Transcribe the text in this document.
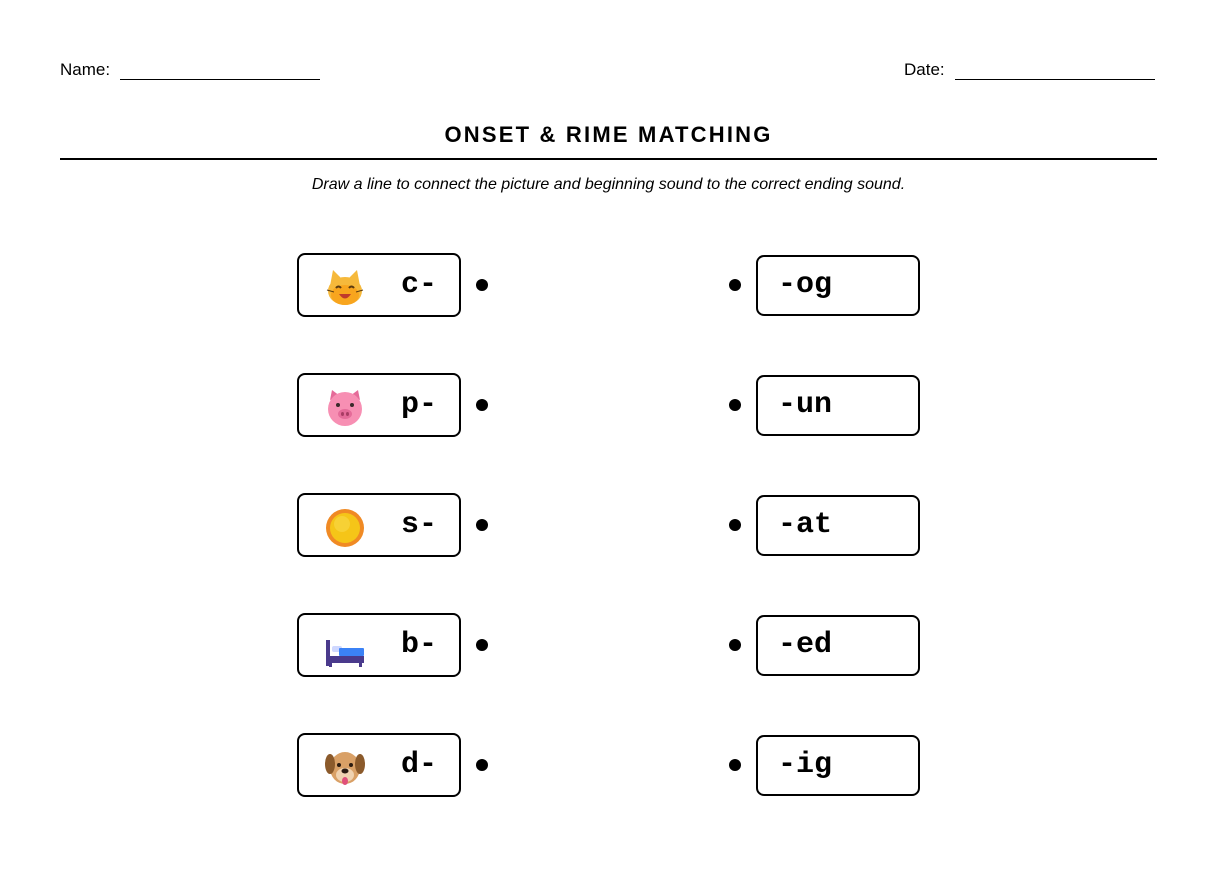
Name:	Date:
ONSET & RIME MATCHING
Draw a line to connect the picture and beginning sound to the correct ending sound.
c-
p-
s-
b-
d-
-og
-un
-at
-ed
-ig
